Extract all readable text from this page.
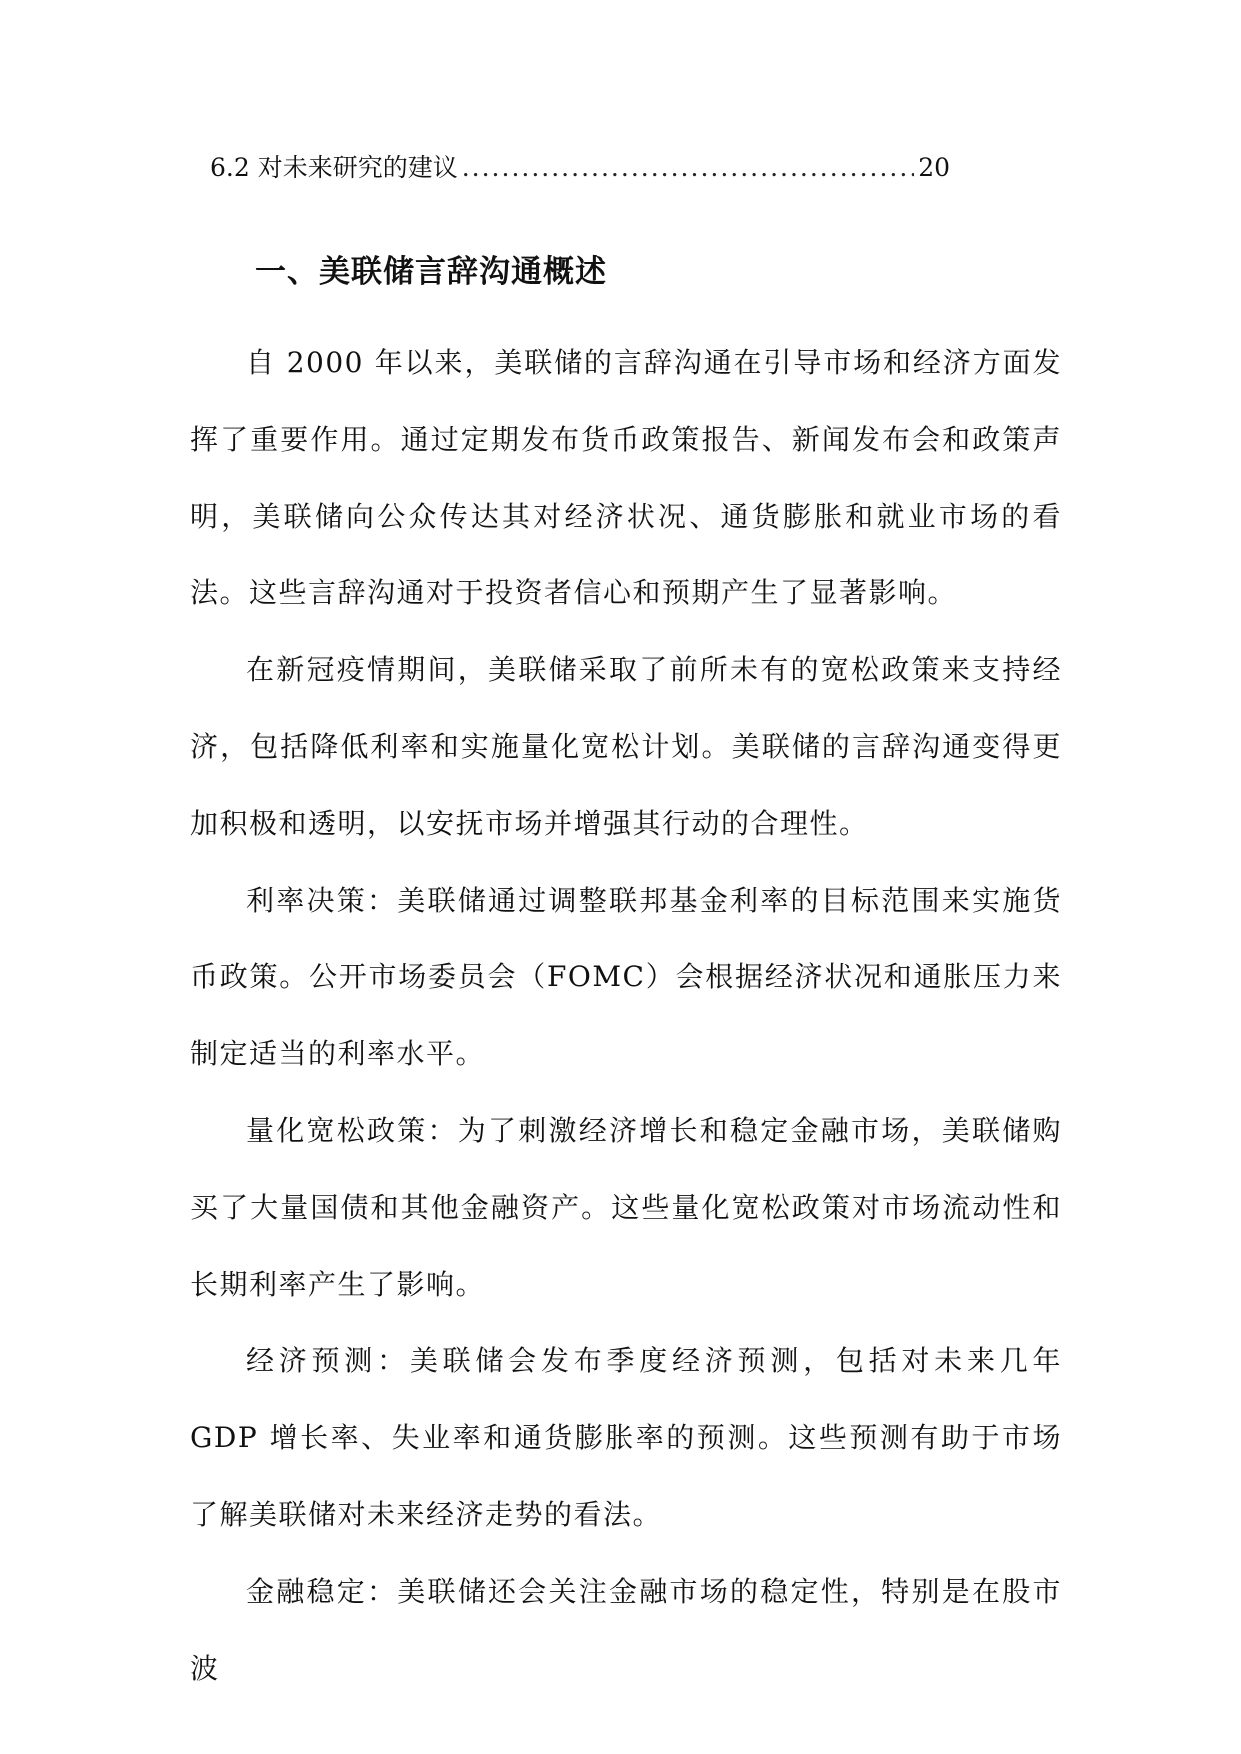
6.2 对未来研究的建议
.....	20
一、美联储言辞沟通概述

自 2000 年以来，美联储的言辞沟通在引导市场和经济方面发挥了重要作用。通过定期发布货币政策报告、新闻发布会和政策声明，美联储向公众传达其对经济状况、通货膨胀和就业市场的看法。这些言辞沟通对于投资者信心和预期产生了显著影响。

在新冠疫情期间，美联储采取了前所未有的宽松政策来支持经济，包括降低利率和实施量化宽松计划。美联储的言辞沟通变得更加积极和透明，以安抚市场并增强其行动的合理性。

利率决策：美联储通过调整联邦基金利率的目标范围来实施货币政策。公开市场委员会（FOMC）会根据经济状况和通胀压力来制定适当的利率水平。

量化宽松政策：为了刺激经济增长和稳定金融市场，美联储购买了大量国债和其他金融资产。这些量化宽松政策对市场流动性和长期利率产生了影响。

经济预测：美联储会发布季度经济预测，包括对未来几年 GDP 增长率、失业率和通货膨胀率的预测。这些预测有助于市场了解美联储对未来经济走势的看法。

金融稳定：美联储还会关注金融市场的稳定性，特别是在股市波
